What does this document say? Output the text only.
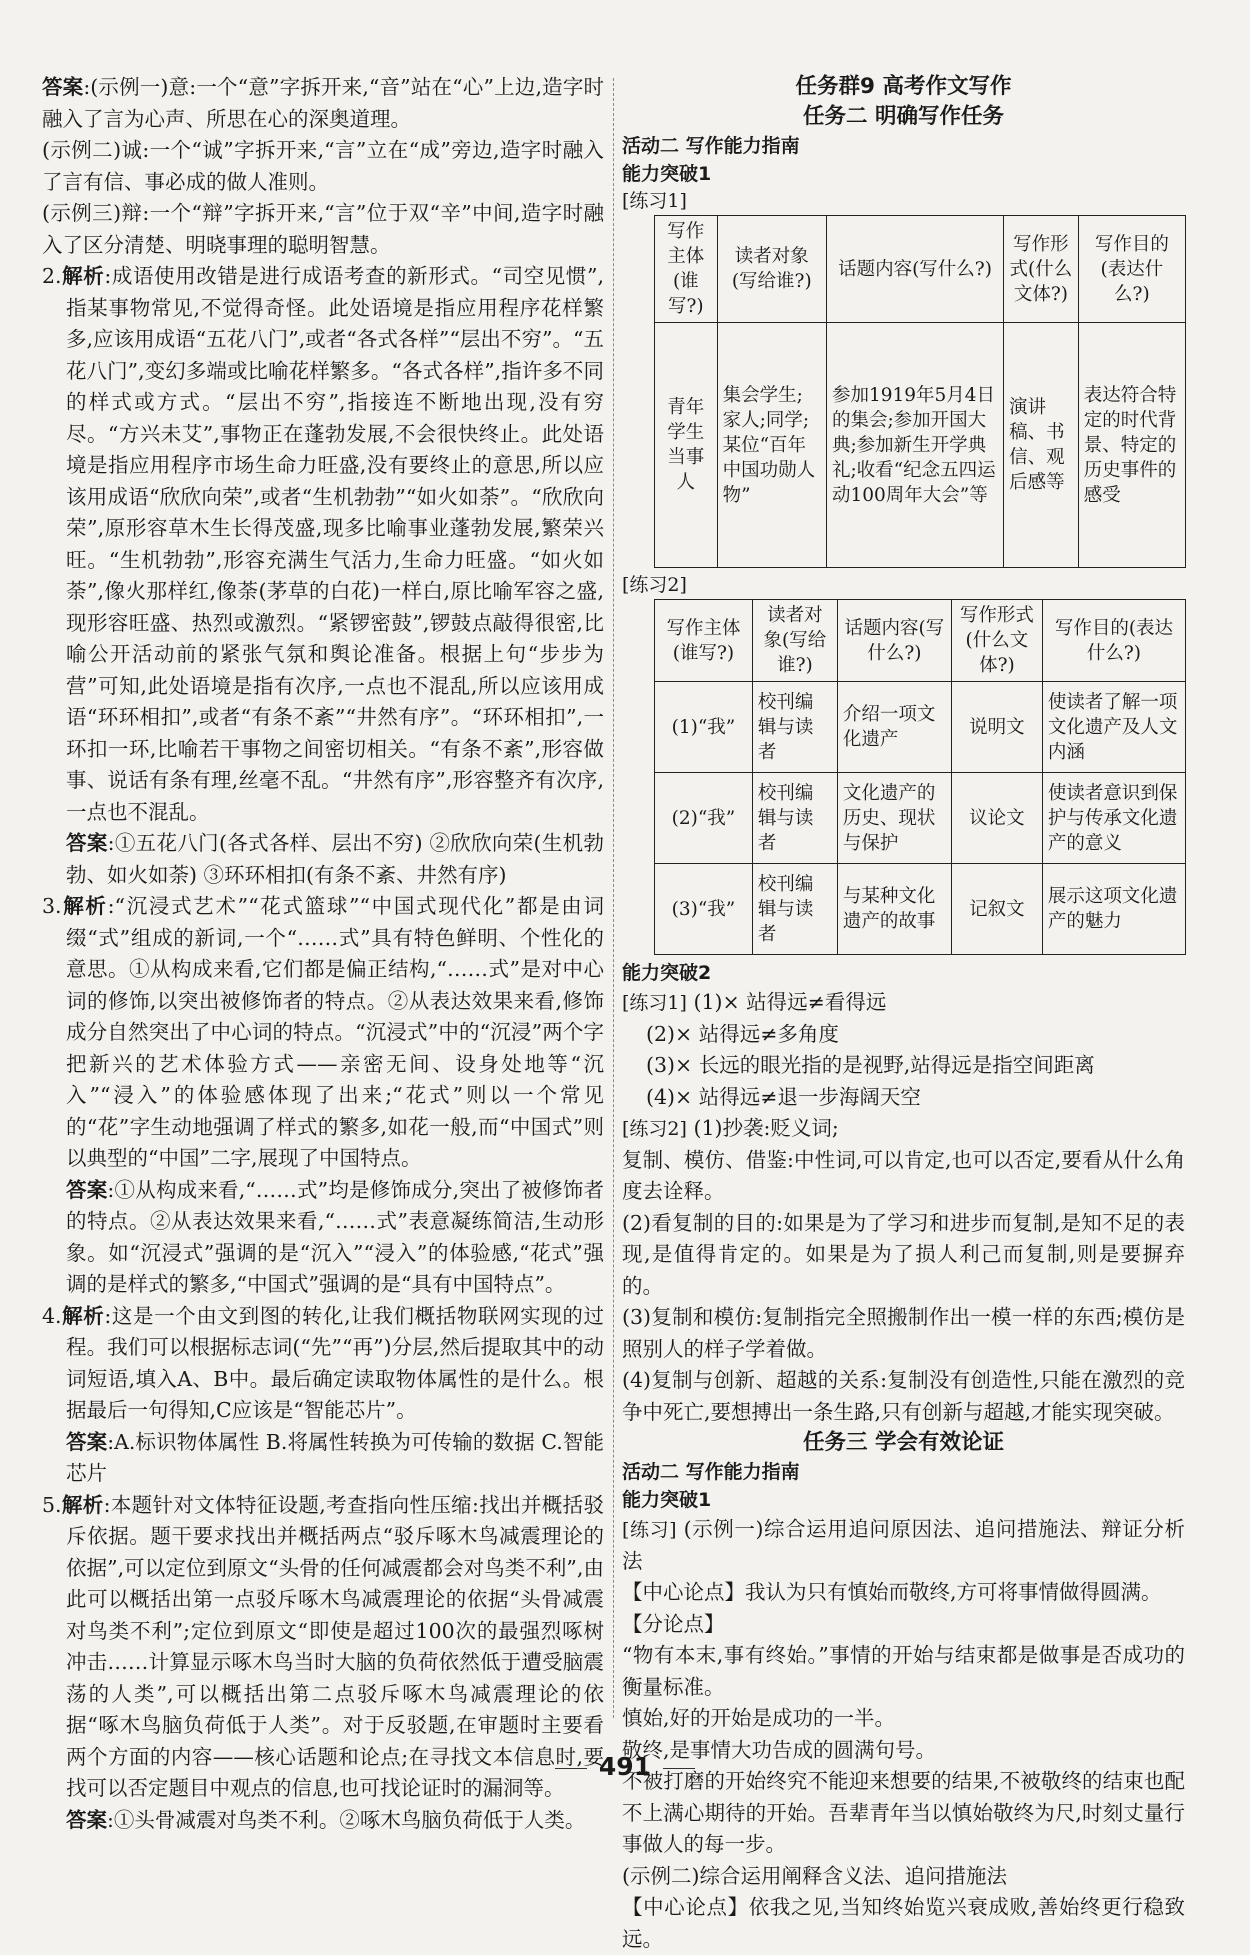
答案:(示例一)意:一个“意”字拆开来,“音”站在“心”上边,造字时融入了言为心声、所思在心的深奥道理。

(示例二)诚:一个“诚”字拆开来,“言”立在“成”旁边,造字时融入了言有信、事必成的做人准则。

(示例三)辩:一个“辩”字拆开来,“言”位于双“辛”中间,造字时融入了区分清楚、明晓事理的聪明智慧。

2.解析:成语使用改错是进行成语考查的新形式。“司空见惯”,指某事物常见,不觉得奇怪。此处语境是指应用程序花样繁多,应该用成语“五花八门”,或者“各式各样”“层出不穷”。“五花八门”,变幻多端或比喻花样繁多。“各式各样”,指许多不同的样式或方式。“层出不穷”,指接连不断地出现,没有穷尽。“方兴未艾”,事物正在蓬勃发展,不会很快终止。此处语境是指应用程序市场生命力旺盛,没有要终止的意思,所以应该用成语“欣欣向荣”,或者“生机勃勃”“如火如荼”。“欣欣向荣”,原形容草木生长得茂盛,现多比喻事业蓬勃发展,繁荣兴旺。“生机勃勃”,形容充满生气活力,生命力旺盛。“如火如荼”,像火那样红,像荼(茅草的白花)一样白,原比喻军容之盛,现形容旺盛、热烈或激烈。“紧锣密鼓”,锣鼓点敲得很密,比喻公开活动前的紧张气氛和舆论准备。根据上句“步步为营”可知,此处语境是指有次序,一点也不混乱,所以应该用成语“环环相扣”,或者“有条不紊”“井然有序”。“环环相扣”,一环扣一环,比喻若干事物之间密切相关。“有条不紊”,形容做事、说话有条有理,丝毫不乱。“井然有序”,形容整齐有次序,一点也不混乱。

答案:①五花八门(各式各样、层出不穷) ②欣欣向荣(生机勃勃、如火如荼) ③环环相扣(有条不紊、井然有序)

3.解析:“沉浸式艺术”“花式篮球”“中国式现代化”都是由词缀“式”组成的新词,一个“……式”具有特色鲜明、个性化的意思。①从构成来看,它们都是偏正结构,“……式”是对中心词的修饰,以突出被修饰者的特点。②从表达效果来看,修饰成分自然突出了中心词的特点。“沉浸式”中的“沉浸”两个字把新兴的艺术体验方式——亲密无间、设身处地等“沉入”“浸入”的体验感体现了出来;“花式”则以一个常见的“花”字生动地强调了样式的繁多,如花一般,而“中国式”则以典型的“中国”二字,展现了中国特点。

答案:①从构成来看,“……式”均是修饰成分,突出了被修饰者的特点。②从表达效果来看,“……式”表意凝练简洁,生动形象。如“沉浸式”强调的是“沉入”“浸入”的体验感,“花式”强调的是样式的繁多,“中国式”强调的是“具有中国特点”。

4.解析:这是一个由文到图的转化,让我们概括物联网实现的过程。我们可以根据标志词(“先”“再”)分层,然后提取其中的动词短语,填入A、B中。最后确定读取物体属性的是什么。根据最后一句得知,C应该是“智能芯片”。

答案:A.标识物体属性 B.将属性转换为可传输的数据 C.智能芯片

5.解析:本题针对文体特征设题,考查指向性压缩:找出并概括驳斥依据。题干要求找出并概括两点“驳斥啄木鸟减震理论的依据”,可以定位到原文“头骨的任何减震都会对鸟类不利”,由此可以概括出第一点驳斥啄木鸟减震理论的依据“头骨减震对鸟类不利”;定位到原文“即使是超过100次的最强烈啄树冲击……计算显示啄木鸟当时大脑的负荷依然低于遭受脑震荡的人类”,可以概括出第二点驳斥啄木鸟减震理论的依据“啄木鸟脑负荷低于人类”。对于反驳题,在审题时主要看两个方面的内容——核心话题和论点;在寻找文本信息时,要找可以否定题目中观点的信息,也可找论证时的漏洞等。

答案:①头骨减震对鸟类不利。②啄木鸟脑负荷低于人类。

任务群9 高考作文写作
任务二 明确写作任务
活动二 写作能力指南
能力突破1
[练习1]
写作主体(谁写?)	读者对象(写给谁?)	话题内容(写什么?)	写作形式(什么文体?)	写作目的(表达什么?)
青年学生当事人	集会学生;家人;同学;某位“百年中国功勋人物”	参加1919年5月4日的集会;参加开国大典;参加新生开学典礼;收看“纪念五四运动100周年大会”等	演讲稿、书信、观后感等	表达符合特定的时代背景、特定的历史事件的感受
[练习2]
写作主体(谁写?)	读者对象(写给谁?)	话题内容(写什么?)	写作形式(什么文体?)	写作目的(表达什么?)
(1)“我”	校刊编辑与读者	介绍一项文化遗产	说明文	使读者了解一项文化遗产及人文内涵
(2)“我”	校刊编辑与读者	文化遗产的历史、现状与保护	议论文	使读者意识到保护与传承文化遗产的意义
(3)“我”	校刊编辑与读者	与某种文化遗产的故事	记叙文	展示这项文化遗产的魅力
能力突破2

[练习1] (1)× 站得远≠看得远

(2)× 站得远≠多角度

(3)× 长远的眼光指的是视野,站得远是指空间距离

(4)× 站得远≠退一步海阔天空

[练习2] (1)抄袭:贬义词;

复制、模仿、借鉴:中性词,可以肯定,也可以否定,要看从什么角度去诠释。

(2)看复制的目的:如果是为了学习和进步而复制,是知不足的表现,是值得肯定的。如果是为了损人利己而复制,则是要摒弃的。

(3)复制和模仿:复制指完全照搬制作出一模一样的东西;模仿是照别人的样子学着做。

(4)复制与创新、超越的关系:复制没有创造性,只能在激烈的竞争中死亡,要想搏出一条生路,只有创新与超越,才能实现突破。

任务三 学会有效论证
活动二 写作能力指南
能力突破1

[练习] (示例一)综合运用追问原因法、追问措施法、辩证分析法

【中心论点】我认为只有慎始而敬终,方可将事情做得圆满。

【分论点】

“物有本末,事有终始。”事情的开始与结束都是做事是否成功的衡量标准。

慎始,好的开始是成功的一半。

敬终,是事情大功告成的圆满句号。

不被打磨的开始终究不能迎来想要的结果,不被敬终的结束也配不上满心期待的开始。吾辈青年当以慎始敬终为尺,时刻丈量行事做人的每一步。

(示例二)综合运用阐释含义法、追问措施法

【中心论点】依我之见,当知终始览兴衰成败,善始终更行稳致远。

491
